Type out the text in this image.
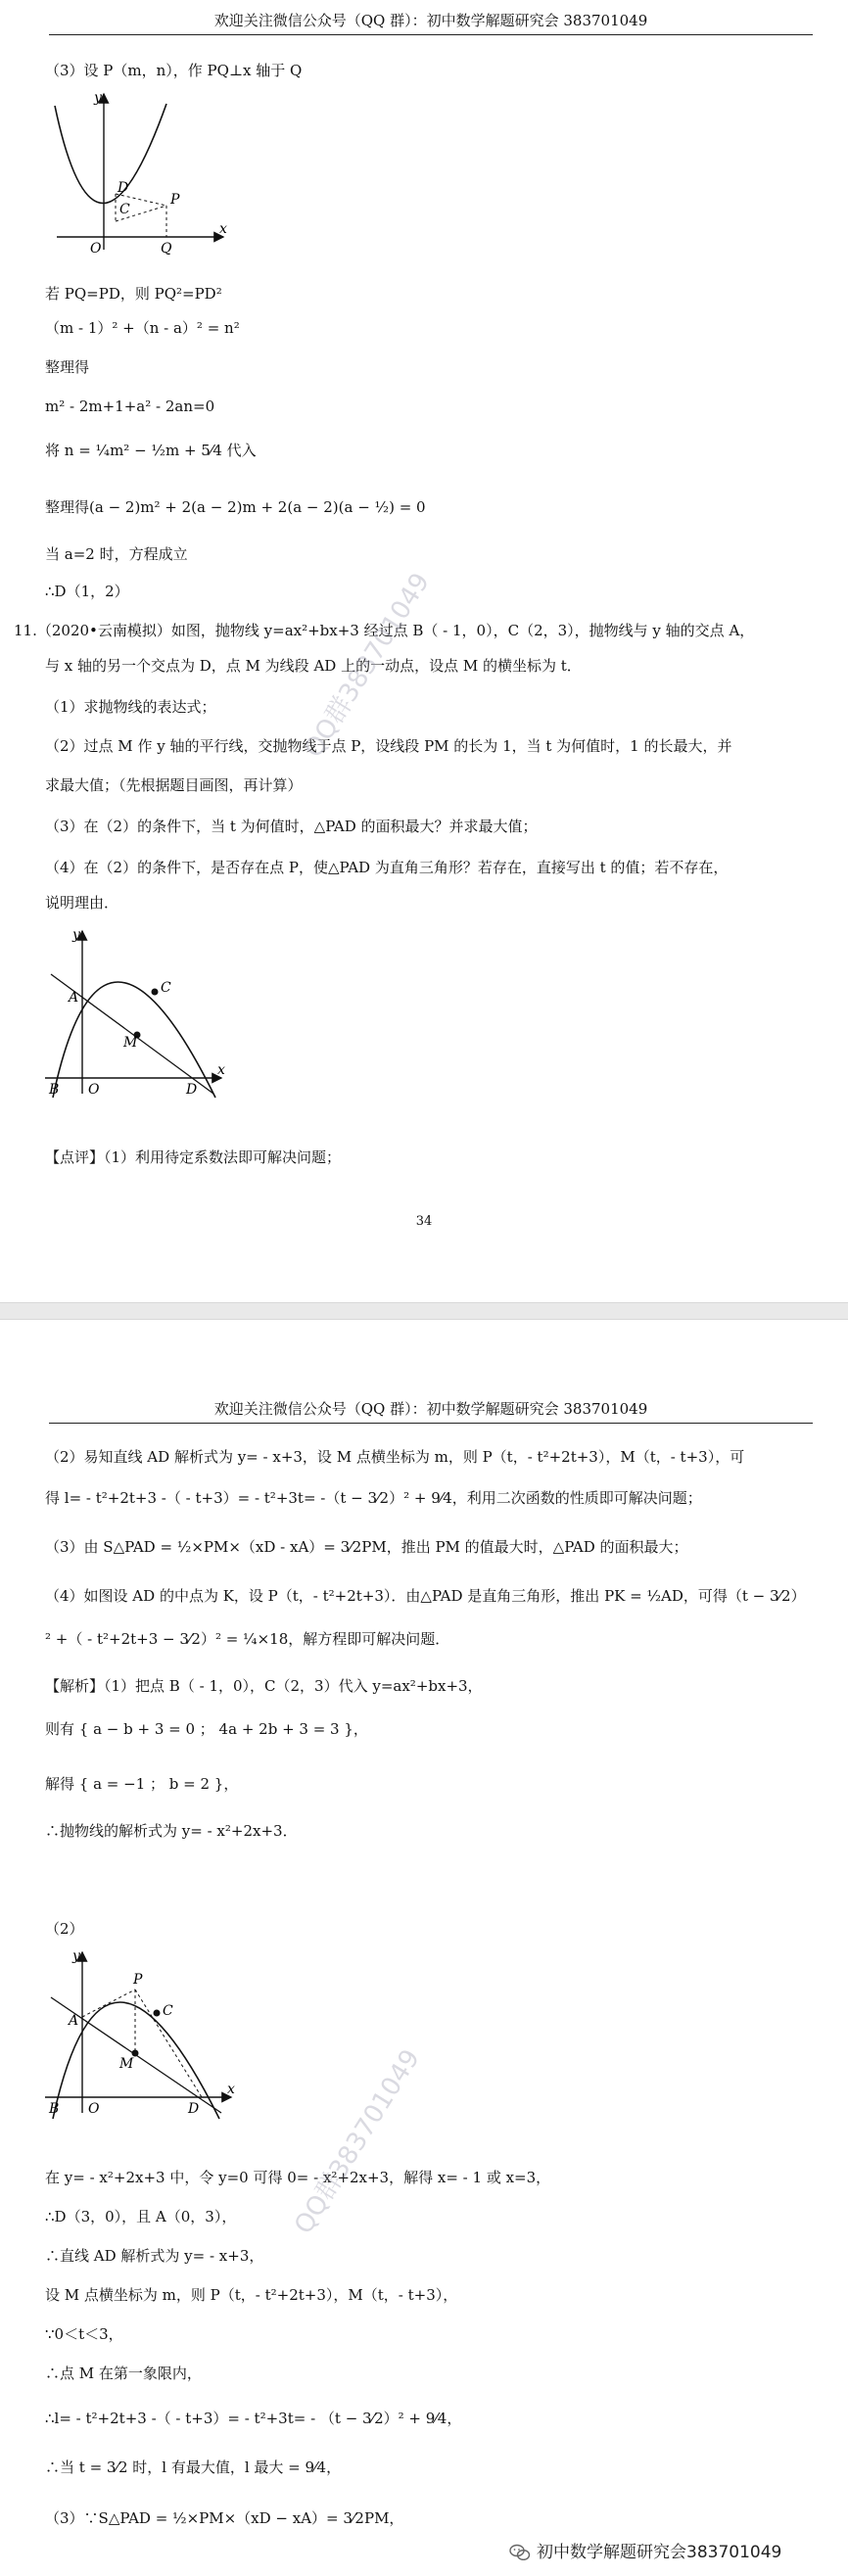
欢迎关注微信公众号（QQ 群）：初中数学解题研究会 383701049
（3）设 P（m，n），作 PQ⊥x 轴于 Q
y
x
D
C
P
O	Q
若 PQ=PD，则 PQ²=PD²
（m - 1）² +（n - a）² = n²
整理得
m² - 2m+1+a² - 2an=0
将 n = ¼m² − ½m + 5⁄4 代入
整理得(a − 2)m² + 2(a − 2)m + 2(a − 2)(a − ½) = 0
当 a=2 时，方程成立
∴D（1，2）
11.（2020•云南模拟）如图，抛物线 y=ax²+bx+3 经过点 B（ - 1，0），C（2，3），抛物线与 y 轴的交点 A，
与 x 轴的另一个交点为 D，点 M 为线段 AD 上的一动点，设点 M 的横坐标为 t．
（1）求抛物线的表达式；
（2）过点 M 作 y 轴的平行线，交抛物线于点 P，设线段 PM 的长为 1，当 t 为何值时，1 的长最大，并
求最大值；（先根据题目画图，再计算）
（3）在（2）的条件下，当 t 为何值时，△PAD 的面积最大？并求最大值；
（4）在（2）的条件下，是否存在点 P，使△PAD 为直角三角形？若存在，直接写出 t 的值；若不存在，
说明理由．
y
x
A
C
M
B O	D
【点评】（1）利用待定系数法即可解决问题；
34
QQ群383701049
欢迎关注微信公众号（QQ 群）：初中数学解题研究会 383701049
（2）易知直线 AD 解析式为 y= - x+3，设 M 点横坐标为 m，则 P（t，- t²+2t+3），M（t，- t+3），可
得 l= - t²+2t+3 -（ - t+3）= - t²+3t= -（t − 3⁄2）² + 9⁄4，利用二次函数的性质即可解决问题；
（3）由 S△PAD = ½×PM×（xD - xA）= 3⁄2PM，推出 PM 的值最大时，△PAD 的面积最大；
（4）如图设 AD 的中点为 K，设 P（t，- t²+2t+3）．由△PAD 是直角三角形，推出 PK = ½AD，可得（t − 3⁄2）
² +（ - t²+2t+3 − 3⁄2）² = ¼×18，解方程即可解决问题．
【解析】（1）把点 B（ - 1，0），C（2，3）代入 y=ax²+bx+3，
则有 { a − b + 3 = 0 ； 4a + 2b + 3 = 3 }，
解得 { a = −1 ； b = 2 }，
∴抛物线的解析式为 y= - x²+2x+3．
（2）
y
x
A
P
C
M
B O	D
在 y= - x²+2x+3 中，令 y=0 可得 0= - x²+2x+3，解得 x= - 1 或 x=3，
∴D（3，0），且 A（0，3），
∴直线 AD 解析式为 y= - x+3，
设 M 点横坐标为 m，则 P（t，- t²+2t+3），M（t，- t+3），
∵0＜t＜3，
∴点 M 在第一象限内，
∴l= - t²+2t+3 -（ - t+3）= - t²+3t= - （t − 3⁄2）² + 9⁄4，
∴当 t = 3⁄2 时，l 有最大值，l 最大 = 9⁄4，
（3）∵S△PAD = ½×PM×（xD − xA）= 3⁄2PM，
QQ群383701049
初中数学解题研究会383701049
